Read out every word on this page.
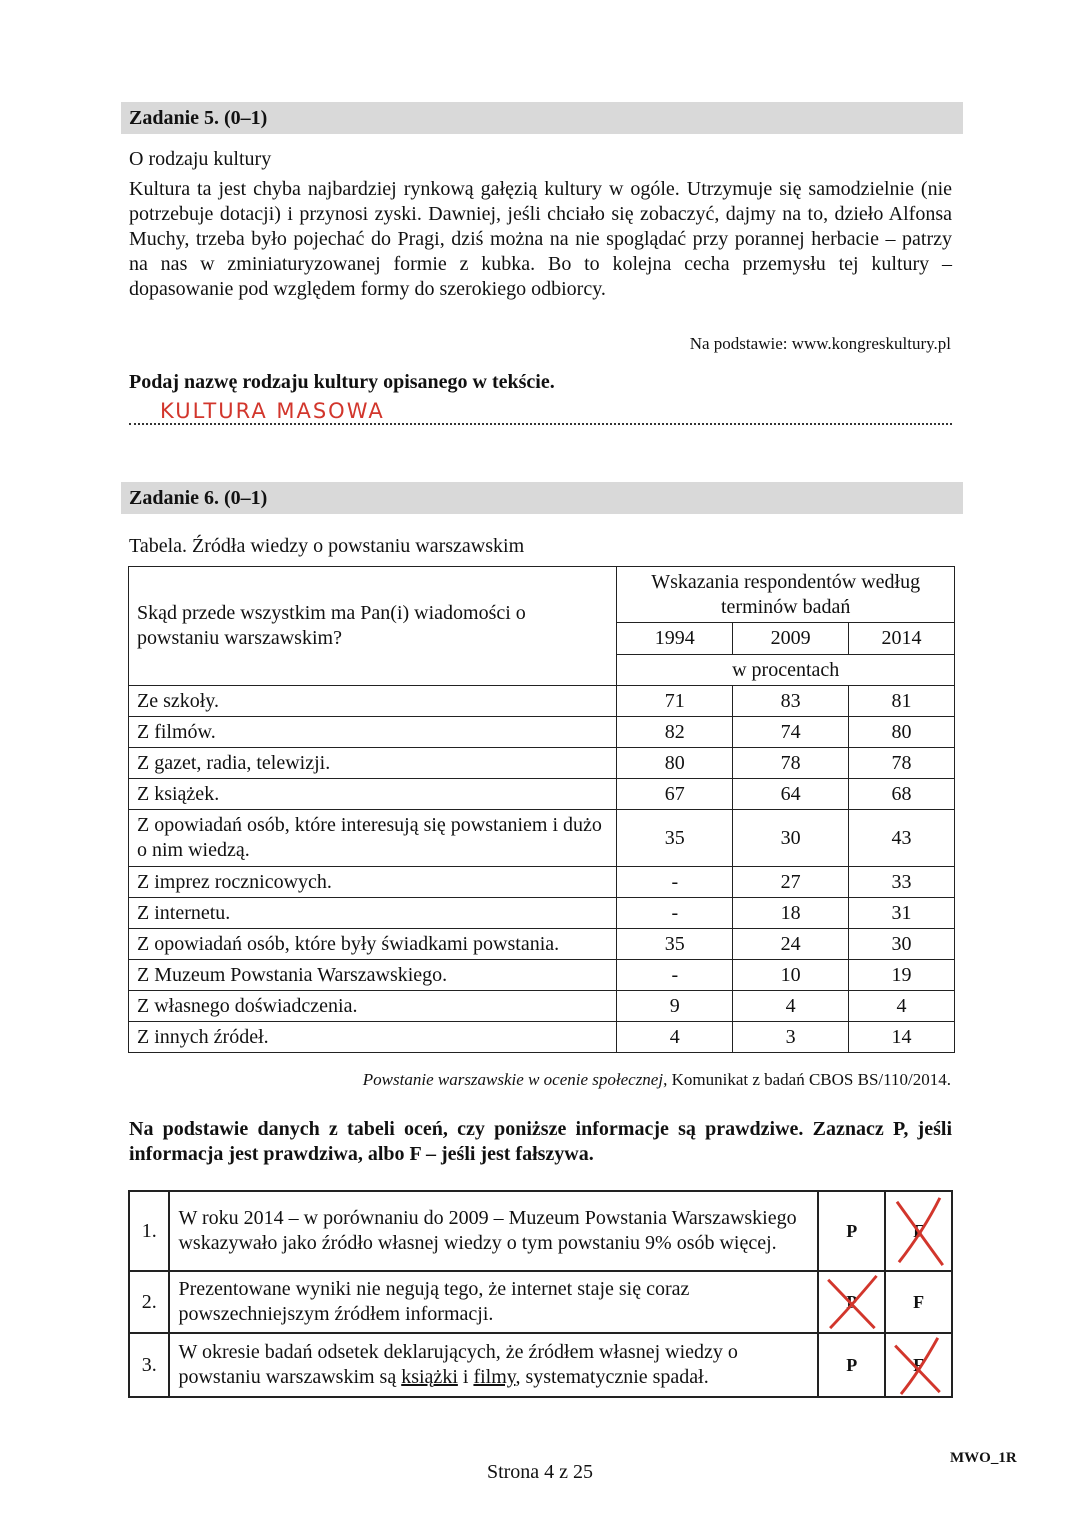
Zadanie 5. (0–1)
O rodzaju kultury
Kultura ta jest chyba najbardziej rynkową gałęzią kultury w ogóle. Utrzymuje się samodzielnie (nie potrzebuje dotacji) i przynosi zyski. Dawniej, jeśli chciało się zobaczyć, dajmy na to, dzieło Alfonsa Muchy, trzeba było pojechać do Pragi, dziś można na nie spoglądać przy porannej herbacie – patrzy na nas w zminiaturyzowanej formie z kubka. Bo to kolejna cecha przemysłu tej kultury – dopasowanie pod względem formy do szerokiego odbiorcy.
Na podstawie: www.kongreskultury.pl
Podaj nazwę rodzaju kultury opisanego w tekście.
KULTURA MASOWA
Zadanie 6. (0–1)
Tabela. Źródła wiedzy o powstaniu warszawskim
Skąd przede wszystkim ma Pan(i) wiadomości o powstaniu warszawskim?	Wskazania respondentów według terminów badań		
	1994	2009	2014
	w procentach		
Ze szkoły.	71	83	81
Z filmów.	82	74	80
Z gazet, radia, telewizji.	80	78	78
Z książek.	67	64	68
Z opowiadań osób, które interesują się powstaniem i dużo o nim wiedzą.	35	30	43
Z imprez rocznicowych.	-	27	33
Z internetu.	-	18	31
Z opowiadań osób, które były świadkami powstania.	35	24	30
Z Muzeum Powstania Warszawskiego.	-	10	19
Z własnego doświadczenia.	9	4	4
Z innych źródeł.	4	3	14
Powstanie warszawskie w ocenie społecznej, Komunikat z badań CBOS BS/110/2014.
Na podstawie danych z tabeli oceń, czy poniższe informacje są prawdziwe. Zaznacz P, jeśli informacja jest prawdziwa, albo F – jeśli jest fałszywa.
1.	W roku 2014 – w porównaniu do 2009 – Muzeum Powstania Warszawskiego wskazywało jako źródło własnej wiedzy o tym powstaniu 9% osób więcej.	P	F

2.	Prezentowane wyniki nie negują tego, że internet staje się coraz powszechniejszym źródłem informacji.	P	F
3.	W okresie badań odsetek deklarujących, że źródłem własnej wiedzy o powstaniu warszawskim są książki i filmy, systematycznie spadał.	P	F
Strona 4 z 25
MWO_1R
